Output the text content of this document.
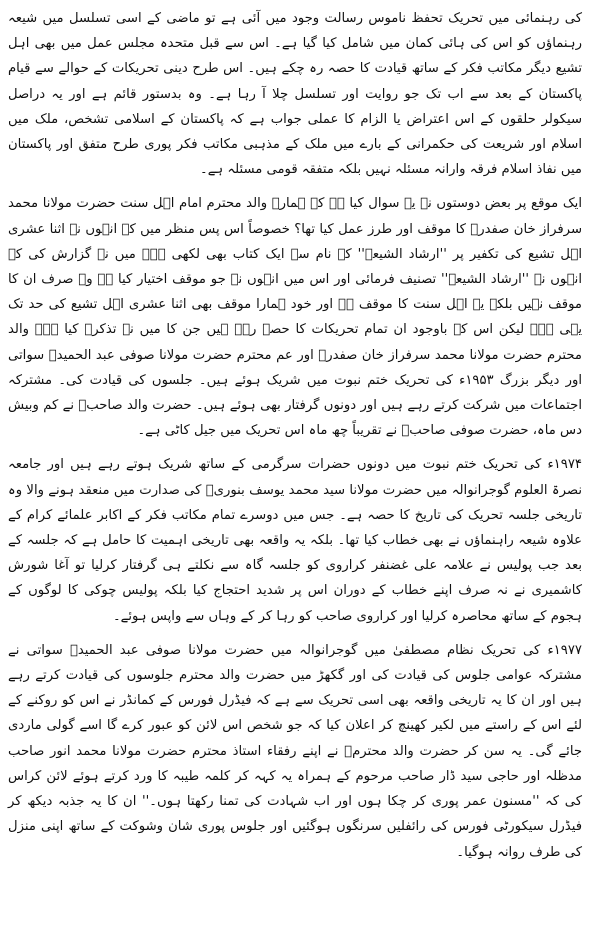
کی رہنمائی میں تحریک تحفظ ناموس رسالت وجود میں آئی ہے تو ماضی کے اسی تسلسل میں شیعہ رہنماؤں کو اس کی ہائی کمان میں شامل کیا گیا ہے۔ اس سے قبل متحدہ مجلس عمل میں بھی اہل تشیع دیگر مکاتب فکر کے ساتھ قیادت کا حصہ رہ چکے ہیں۔ اس طرح دینی تحریکات کے حوالے سے قیام پاکستان کے بعد سے اب تک جو روایت اور تسلسل چلا آ رہا ہے۔ وہ بدستور قائم ہے اور یہ دراصل سیکولر حلقوں کے اس اعتراض یا الزام کا عملی جواب ہے کہ پاکستان کے اسلامی تشخص، ملک میں اسلام اور شریعت کی حکمرانی کے بارے میں ملک کے مذہبی مکاتب فکر پوری طرح متفق اور پاکستان میں نفاذ اسلام فرقہ وارانہ مسئلہ نہیں بلکہ متفقہ قومی مسئلہ ہے۔

ایک موقع پر بعض دوستوں نے یہ سوال کیا ہے کہ ہمارے والد محترم امام اہل سنت حضرت مولانا محمد سرفراز خان صفدرؒ کا موقف اور طرز عمل کیا تھا؟ خصوصاً اس پس منظر میں کہ انہوں نے اثنا عشری اہل تشیع کی تکفیر پر ''ارشاد الشیعہ'' کے نام سے ایک کتاب بھی لکھی ہے۔ میں نے گزارش کی کہ انہوں نے ''ارشاد الشیعہ'' تصنیف فرمائی اور اس میں انہوں نے جو موقف اختیار کیا ہے وہ صرف ان کا موقف نہیں بلکہ یہ اہل سنت کا موقف ہے اور خود ہمارا موقف بھی اثنا عشری اہل تشیع کی حد تک یہی ہے۔ لیکن اس کے باوجود ان تمام تحریکات کا حصہ رہے ہیں جن کا میں نے تذکرہ کیا ہے۔ والد محترم حضرت مولانا محمد سرفراز خان صفدرؒ اور عم محترم حضرت مولانا صوفی عبد الحمیدؒ سواتی اور دیگر بزرگ ۱۹۵۳ء کی تحریک ختم نبوت میں شریک ہوئے ہیں۔ جلسوں کی قیادت کی۔ مشترکہ اجتماعات میں شرکت کرتے رہے ہیں اور دونوں گرفتار بھی ہوئے ہیں۔ حضرت والد صاحبؒ نے کم وبیش دس ماہ، حضرت صوفی صاحبؒ نے تقریباً چھ ماہ اس تحریک میں جیل کاٹی ہے۔

۱۹۷۴ء کی تحریک ختم نبوت میں دونوں حضرات سرگرمی کے ساتھ شریک ہوتے رہے ہیں اور جامعہ نصرۃ العلوم گوجرانوالہ میں حضرت مولانا سید محمد یوسف بنوریؒ کی صدارت میں منعقد ہونے والا وہ تاریخی جلسہ تحریک کی تاریخ کا حصہ ہے۔ جس میں دوسرے تمام مکاتب فکر کے اکابر علمائے کرام کے علاوہ شیعہ راہنماؤں نے بھی خطاب کیا تھا۔ بلکہ یہ واقعہ بھی تاریخی اہمیت کا حامل ہے کہ جلسہ کے بعد جب پولیس نے علامہ علی غضنفر کراروی کو جلسہ گاہ سے نکلتے ہی گرفتار کرلیا تو آغا شورش کاشمیری نے نہ صرف اپنے خطاب کے دوران اس پر شدید احتجاج کیا بلکہ پولیس چوکی کا لوگوں کے ہجوم کے ساتھ محاصرہ کرلیا اور کراروی صاحب کو رہا کر کے وہاں سے واپس ہوئے۔

۱۹۷۷ء کی تحریک نظام مصطفیٰ میں گوجرانوالہ میں حضرت مولانا صوفی عبد الحمیدؒ سواتی نے مشترکہ عوامی جلوس کی قیادت کی اور گکھڑ میں حضرت والد محترم جلوسوں کی قیادت کرتے رہے ہیں اور ان کا یہ تاریخی واقعہ بھی اسی تحریک سے ہے کہ فیڈرل فورس کے کمانڈر نے اس کو روکنے کے لئے اس کے راستے میں لکیر کھینچ کر اعلان کیا کہ جو شخص اس لائن کو عبور کرے گا اسے گولی ماردی جائے گی۔ یہ سن کر حضرت والد محترمؒ نے اپنے رفقاء استاذ محترم حضرت مولانا محمد انور صاحب مدظلہ اور حاجی سید ڈار صاحب مرحوم کے ہمراہ یہ کہہ کر کلمہ طیبہ کا ورد کرتے ہوئے لائن کراس کی کہ ''مسنون عمر پوری کر چکا ہوں اور اب شہادت کی تمنا رکھتا ہوں۔'' ان کا یہ جذبہ دیکھ کر فیڈرل سیکورٹی فورس کی رائفلیں سرنگوں ہوگئیں اور جلوس پوری شان وشوکت کے ساتھ اپنی منزل کی طرف روانہ ہوگیا۔
